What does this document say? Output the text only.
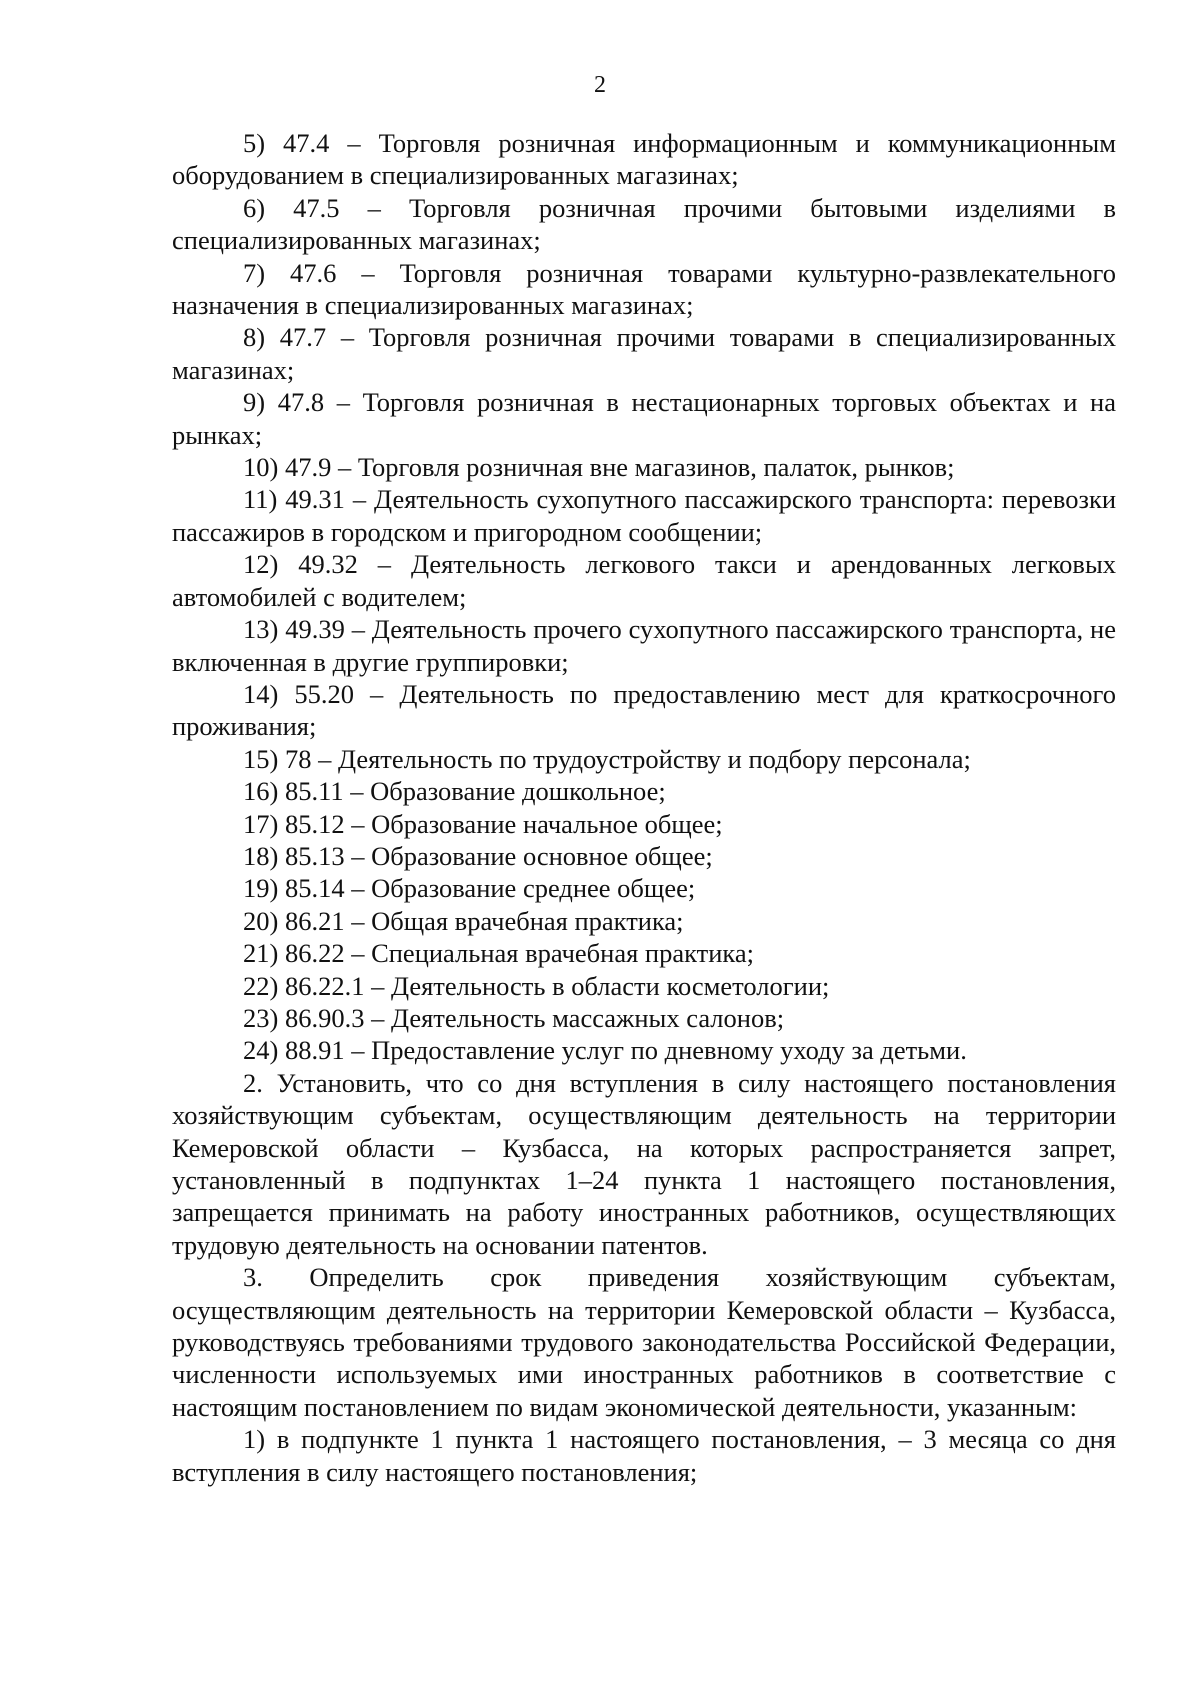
2

5) 47.4 – Торговля розничная информационным и коммуникационным оборудованием в специализированных магазинах;

6) 47.5 – Торговля розничная прочими бытовыми изделиями в специализированных магазинах;

7) 47.6 – Торговля розничная товарами культурно-развлекательного назначения в специализированных магазинах;

8) 47.7 – Торговля розничная прочими товарами в специализированных магазинах;

9) 47.8 – Торговля розничная в нестационарных торговых объектах и на рынках;

10) 47.9 – Торговля розничная вне магазинов, палаток, рынков;

11) 49.31 – Деятельность сухопутного пассажирского транспорта: перевозки пассажиров в городском и пригородном сообщении;

12) 49.32 – Деятельность легкового такси и арендованных легковых автомобилей с водителем;

13) 49.39 – Деятельность прочего сухопутного пассажирского транспорта, не включенная в другие группировки;

14) 55.20 – Деятельность по предоставлению мест для краткосрочного проживания;

15) 78 – Деятельность по трудоустройству и подбору персонала;

16) 85.11 – Образование дошкольное;

17) 85.12 – Образование начальное общее;

18) 85.13 – Образование основное общее;

19) 85.14 – Образование среднее общее;

20) 86.21 – Общая врачебная практика;

21) 86.22 – Специальная врачебная практика;

22) 86.22.1 – Деятельность в области косметологии;

23) 86.90.3 – Деятельность массажных салонов;

24) 88.91 – Предоставление услуг по дневному уходу за детьми.

2. Установить, что со дня вступления в силу настоящего постановления хозяйствующим субъектам, осуществляющим деятельность на территории Кемеровской области – Кузбасса, на которых распространяется запрет, установленный в подпунктах 1–24 пункта 1 настоящего постановления, запрещается принимать на работу иностранных работников, осуществляющих трудовую деятельность на основании патентов.

3. Определить срок приведения хозяйствующим субъектам, осуществляющим деятельность на территории Кемеровской области – Кузбасса, руководствуясь требованиями трудового законодательства Российской Федерации, численности используемых ими иностранных работников в соответствие с настоящим постановлением по видам экономической деятельности, указанным:

1) в подпункте 1 пункта 1 настоящего постановления, – 3 месяца со дня вступления в силу настоящего постановления;
